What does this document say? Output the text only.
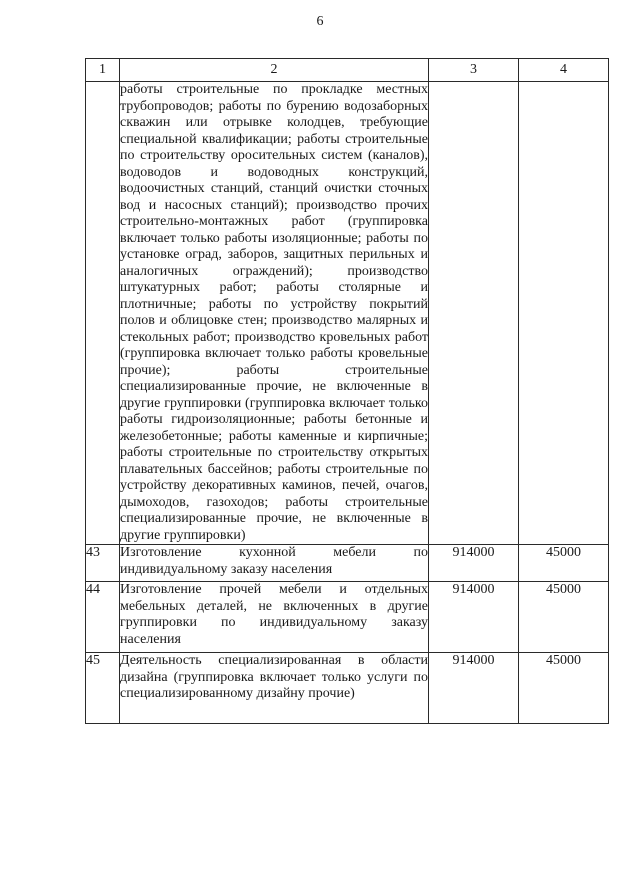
6
1	2	3	4
	работы строительные по прокладке местных трубопроводов; работы по бурению водозаборных скважин или отрывке колодцев, требующие специальной квалификации; работы строительные по строительству оросительных систем (каналов), водоводов и водоводных конструкций, водоочистных станций, станций очистки сточных вод и насосных станций); производство прочих строительно-монтажных работ (группировка включает только работы изоляционные; работы по установке оград, заборов, защитных перильных и аналогичных ограждений); производство штукатурных работ; работы столярные и плотничные; работы по устройству покрытий полов и облицовке стен; производство малярных и стекольных работ; производство кровельных работ (группировка включает только работы кровельные прочие); работы строительные специализированные прочие, не включенные в другие группировки (группировка включает только работы гидроизоляционные; работы бетонные и железобетонные; работы каменные и кирпичные; работы строительные по строительству открытых плавательных бассейнов; работы строительные по устройству декоративных каминов, печей, очагов, дымоходов, газоходов; работы строительные специализированные прочие, не включенные в другие группировки)		
43	Изготовление кухонной мебели по индивидуальному заказу населения	914000	45000
44	Изготовление прочей мебели и отдельных мебельных деталей, не включенных в другие группировки по индивидуальному заказу населения	914000	45000
45	Деятельность специализированная в области дизайна (группировка включает только услуги по специализированному дизайну прочие)	914000	45000
